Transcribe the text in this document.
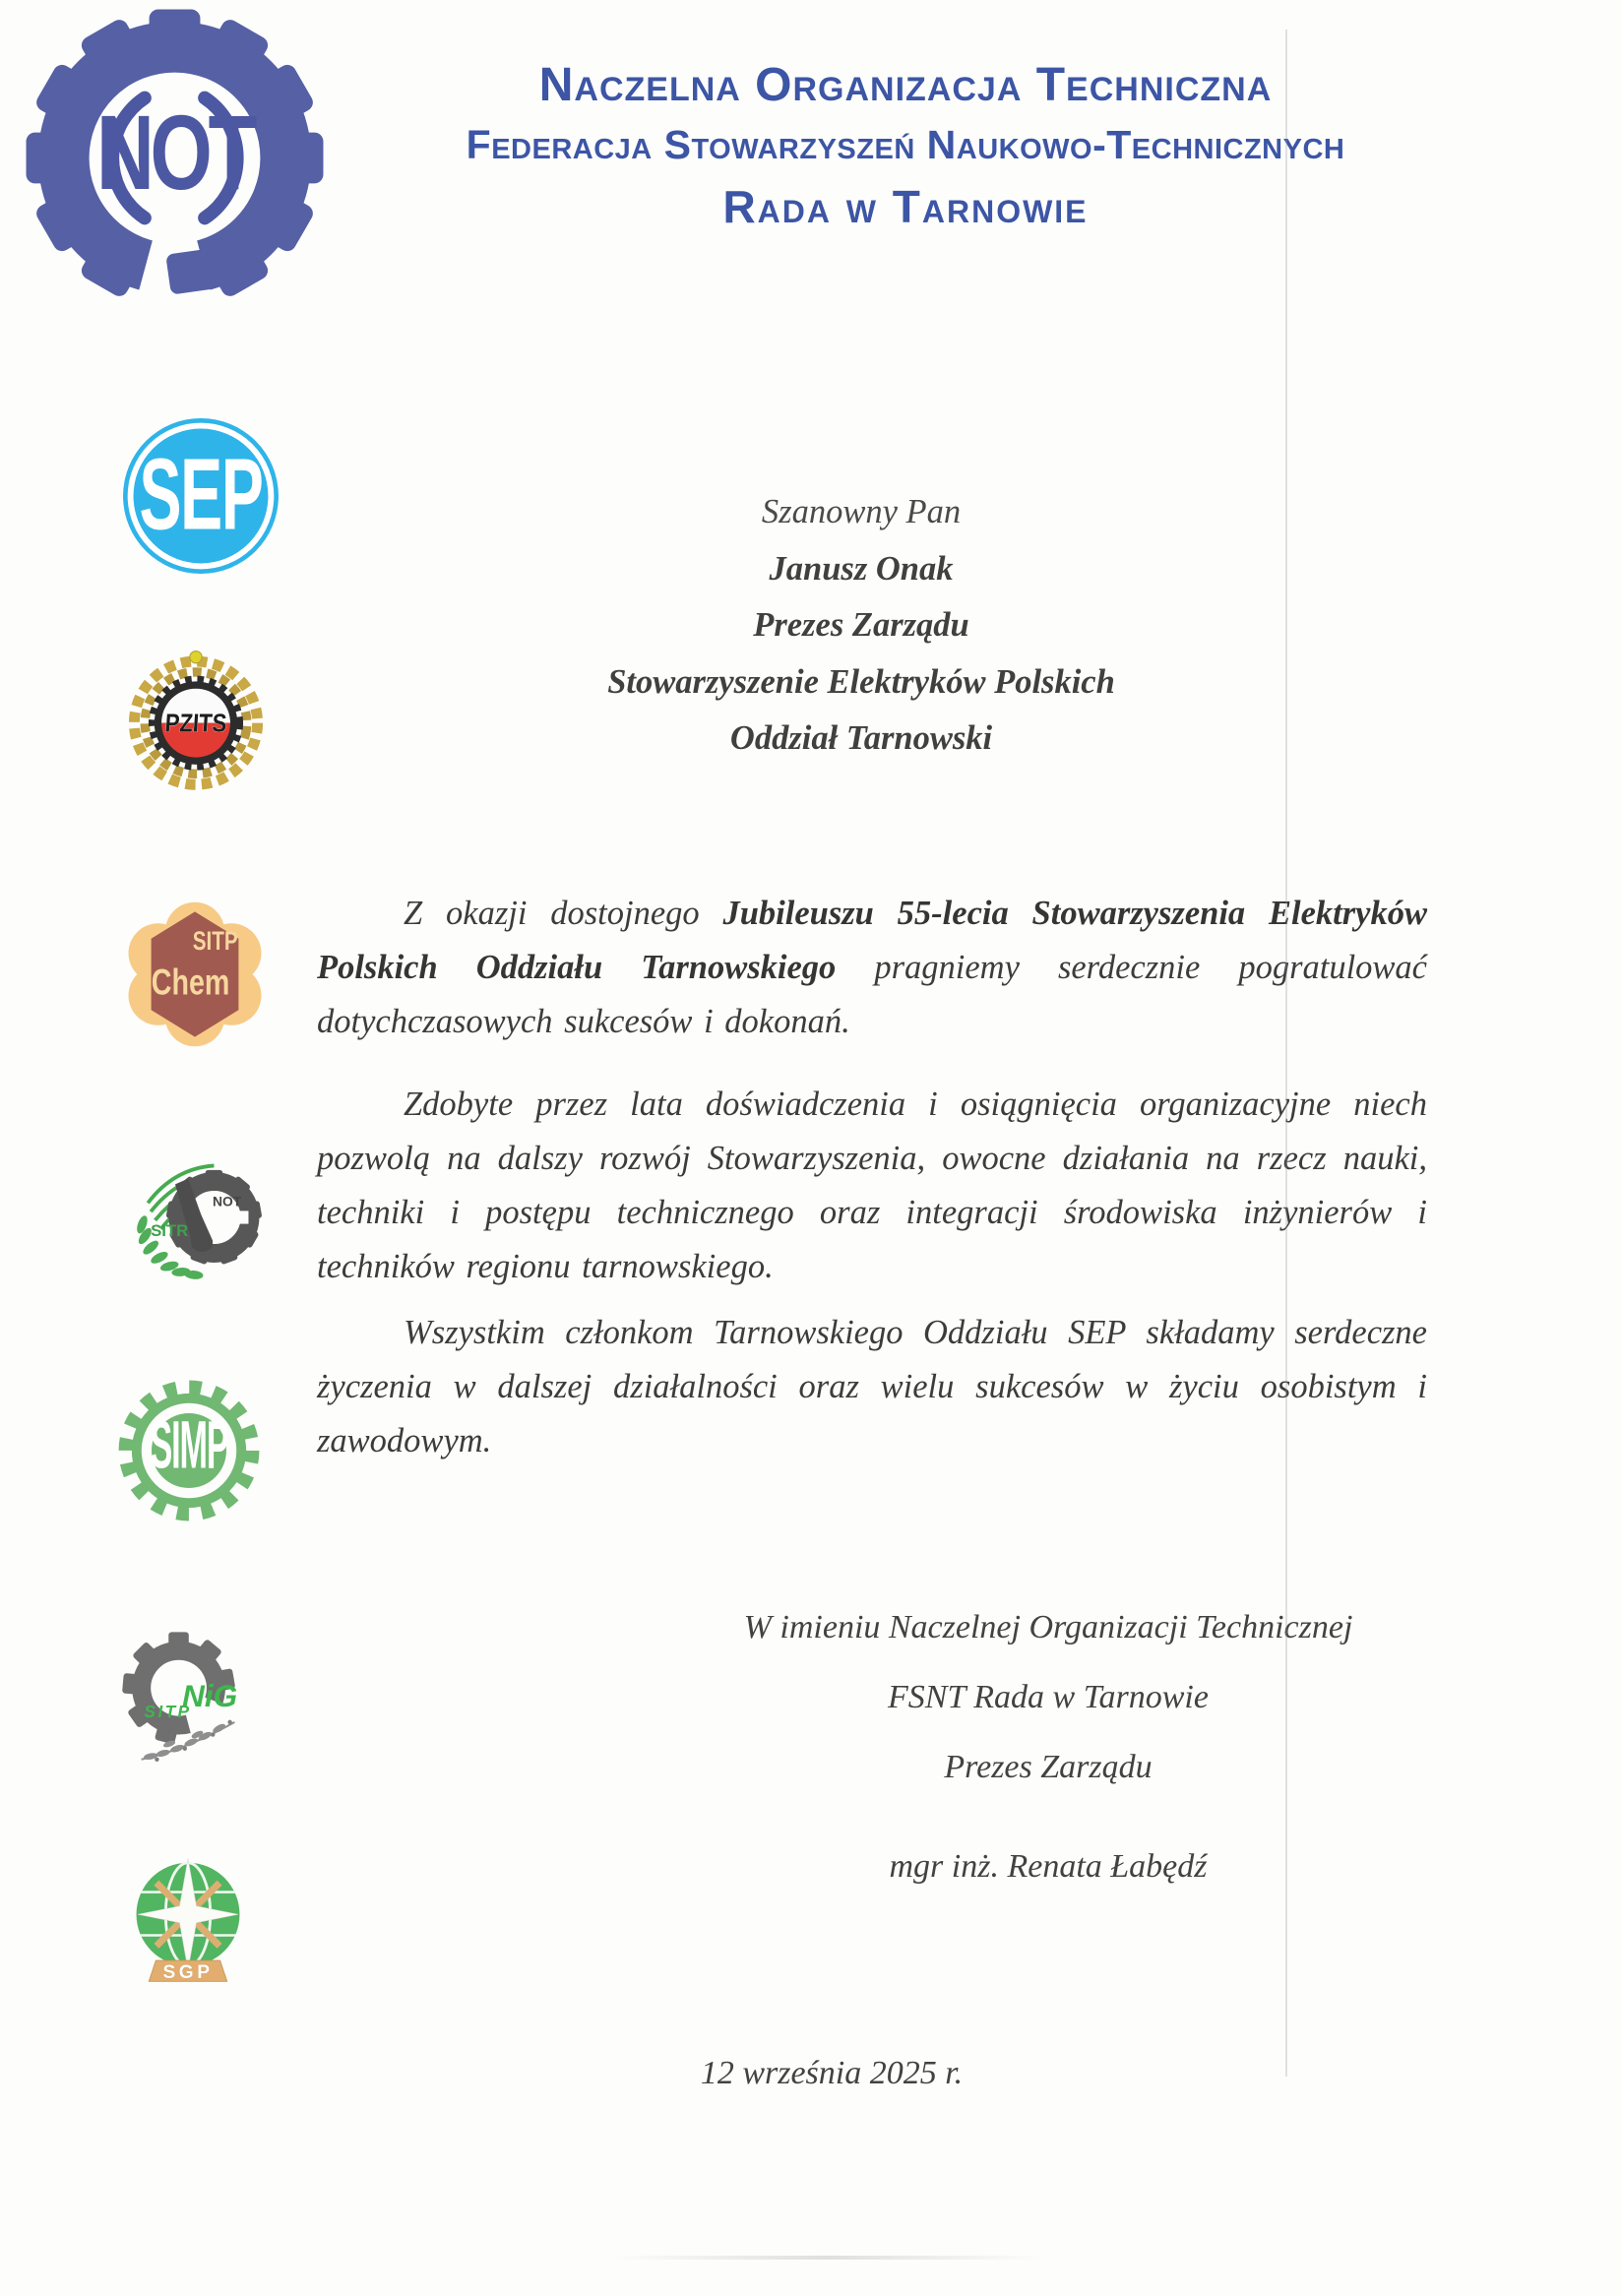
NOT
Naczelna Organizacja Techniczna
Federacja Stowarzyszeń Naukowo-Technicznych
Rada w Tarnowie
SEP
PZITS
SITP
Chem
NOT
SITR
SIMP
SITP
NiG
SGP
Szanowny Pan
Janusz Onak
Prezes Zarządu
Stowarzyszenie Elektryków Polskich
Oddział Tarnowski

Z okazji dostojnego Jubileuszu 55-lecia Stowarzyszenia Elektryków Polskich Oddziału Tarnowskiego pragniemy serdecznie pogratulować dotychczasowych sukcesów i dokonań.

Zdobyte przez lata doświadczenia i osiągnięcia organizacyjne niech pozwolą na dalszy rozwój Stowarzyszenia, owocne działania na rzecz nauki, techniki i postępu technicznego oraz integracji środowiska inżynierów i techników regionu tarnowskiego.

Wszystkim członkom Tarnowskiego Oddziału SEP składamy serdeczne życzenia w dalszej działalności oraz wielu sukcesów w życiu osobistym i zawodowym.

W imieniu Naczelnej Organizacji Technicznej
FSNT Rada w Tarnowie
Prezes Zarządu
mgr inż. Renata Łabędź
12 września 2025 r.
